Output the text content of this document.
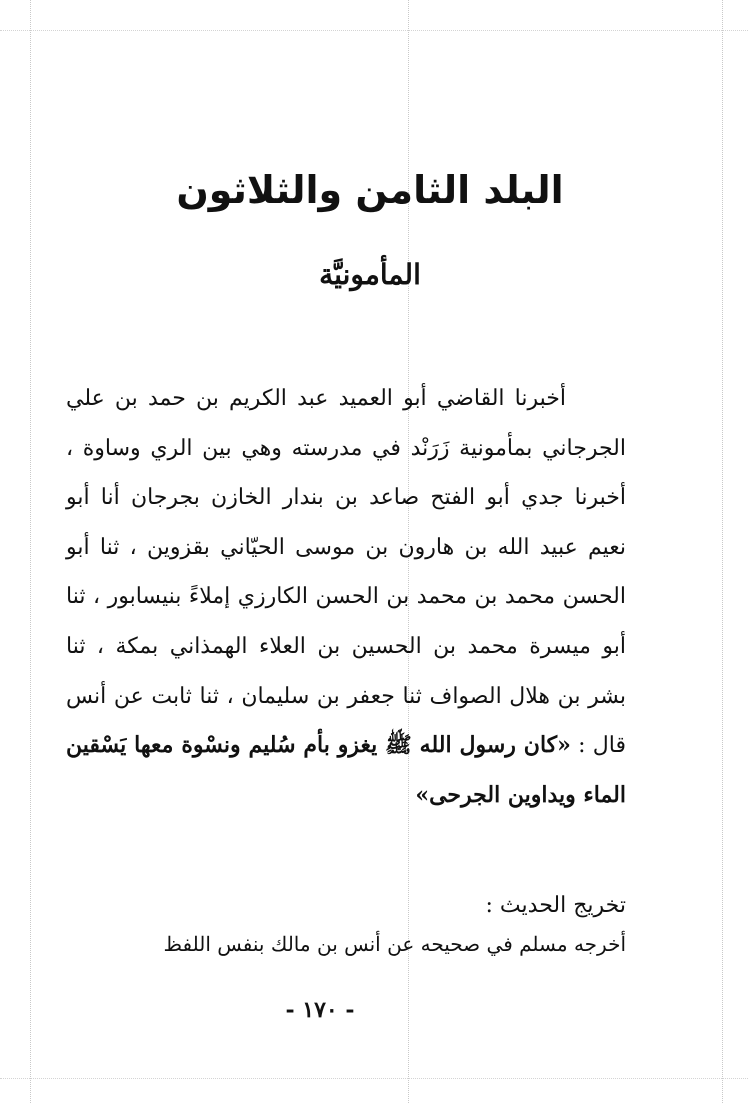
البلد الثامن والثلاثون
المأمونيَّة

أخبرنا القاضي أبو العميد عبد الكريم بن حمد بن علي الجرجاني بمأمونية زَرَنْد في مدرسته وهي بين الري وساوة ، أخبرنا جدي أبو الفتح صاعد بن بندار الخازن بجرجان أنا أبو نعيم عبيد الله بن هارون بن موسى الحيّاني بقزوين ، ثنا أبو الحسن محمد بن محمد بن الحسن الكارزي إملاءً بنيسابور ، ثنا أبو ميسرة محمد بن الحسين بن العلاء الهمذاني بمكة ، ثنا بشر بن هلال الصواف ثنا جعفر بن سليمان ، ثنا ثابت عن أنس قال : «كان رسول الله ﷺ يغزو بأم سُليم ونسْوة معها يَسْقين الماء ويداوين الجرحى»

تخريج الحديث :

أخرجه مسلم في صحيحه عن أنس بن مالك بنفس اللفظ

- ١٧٠ -
